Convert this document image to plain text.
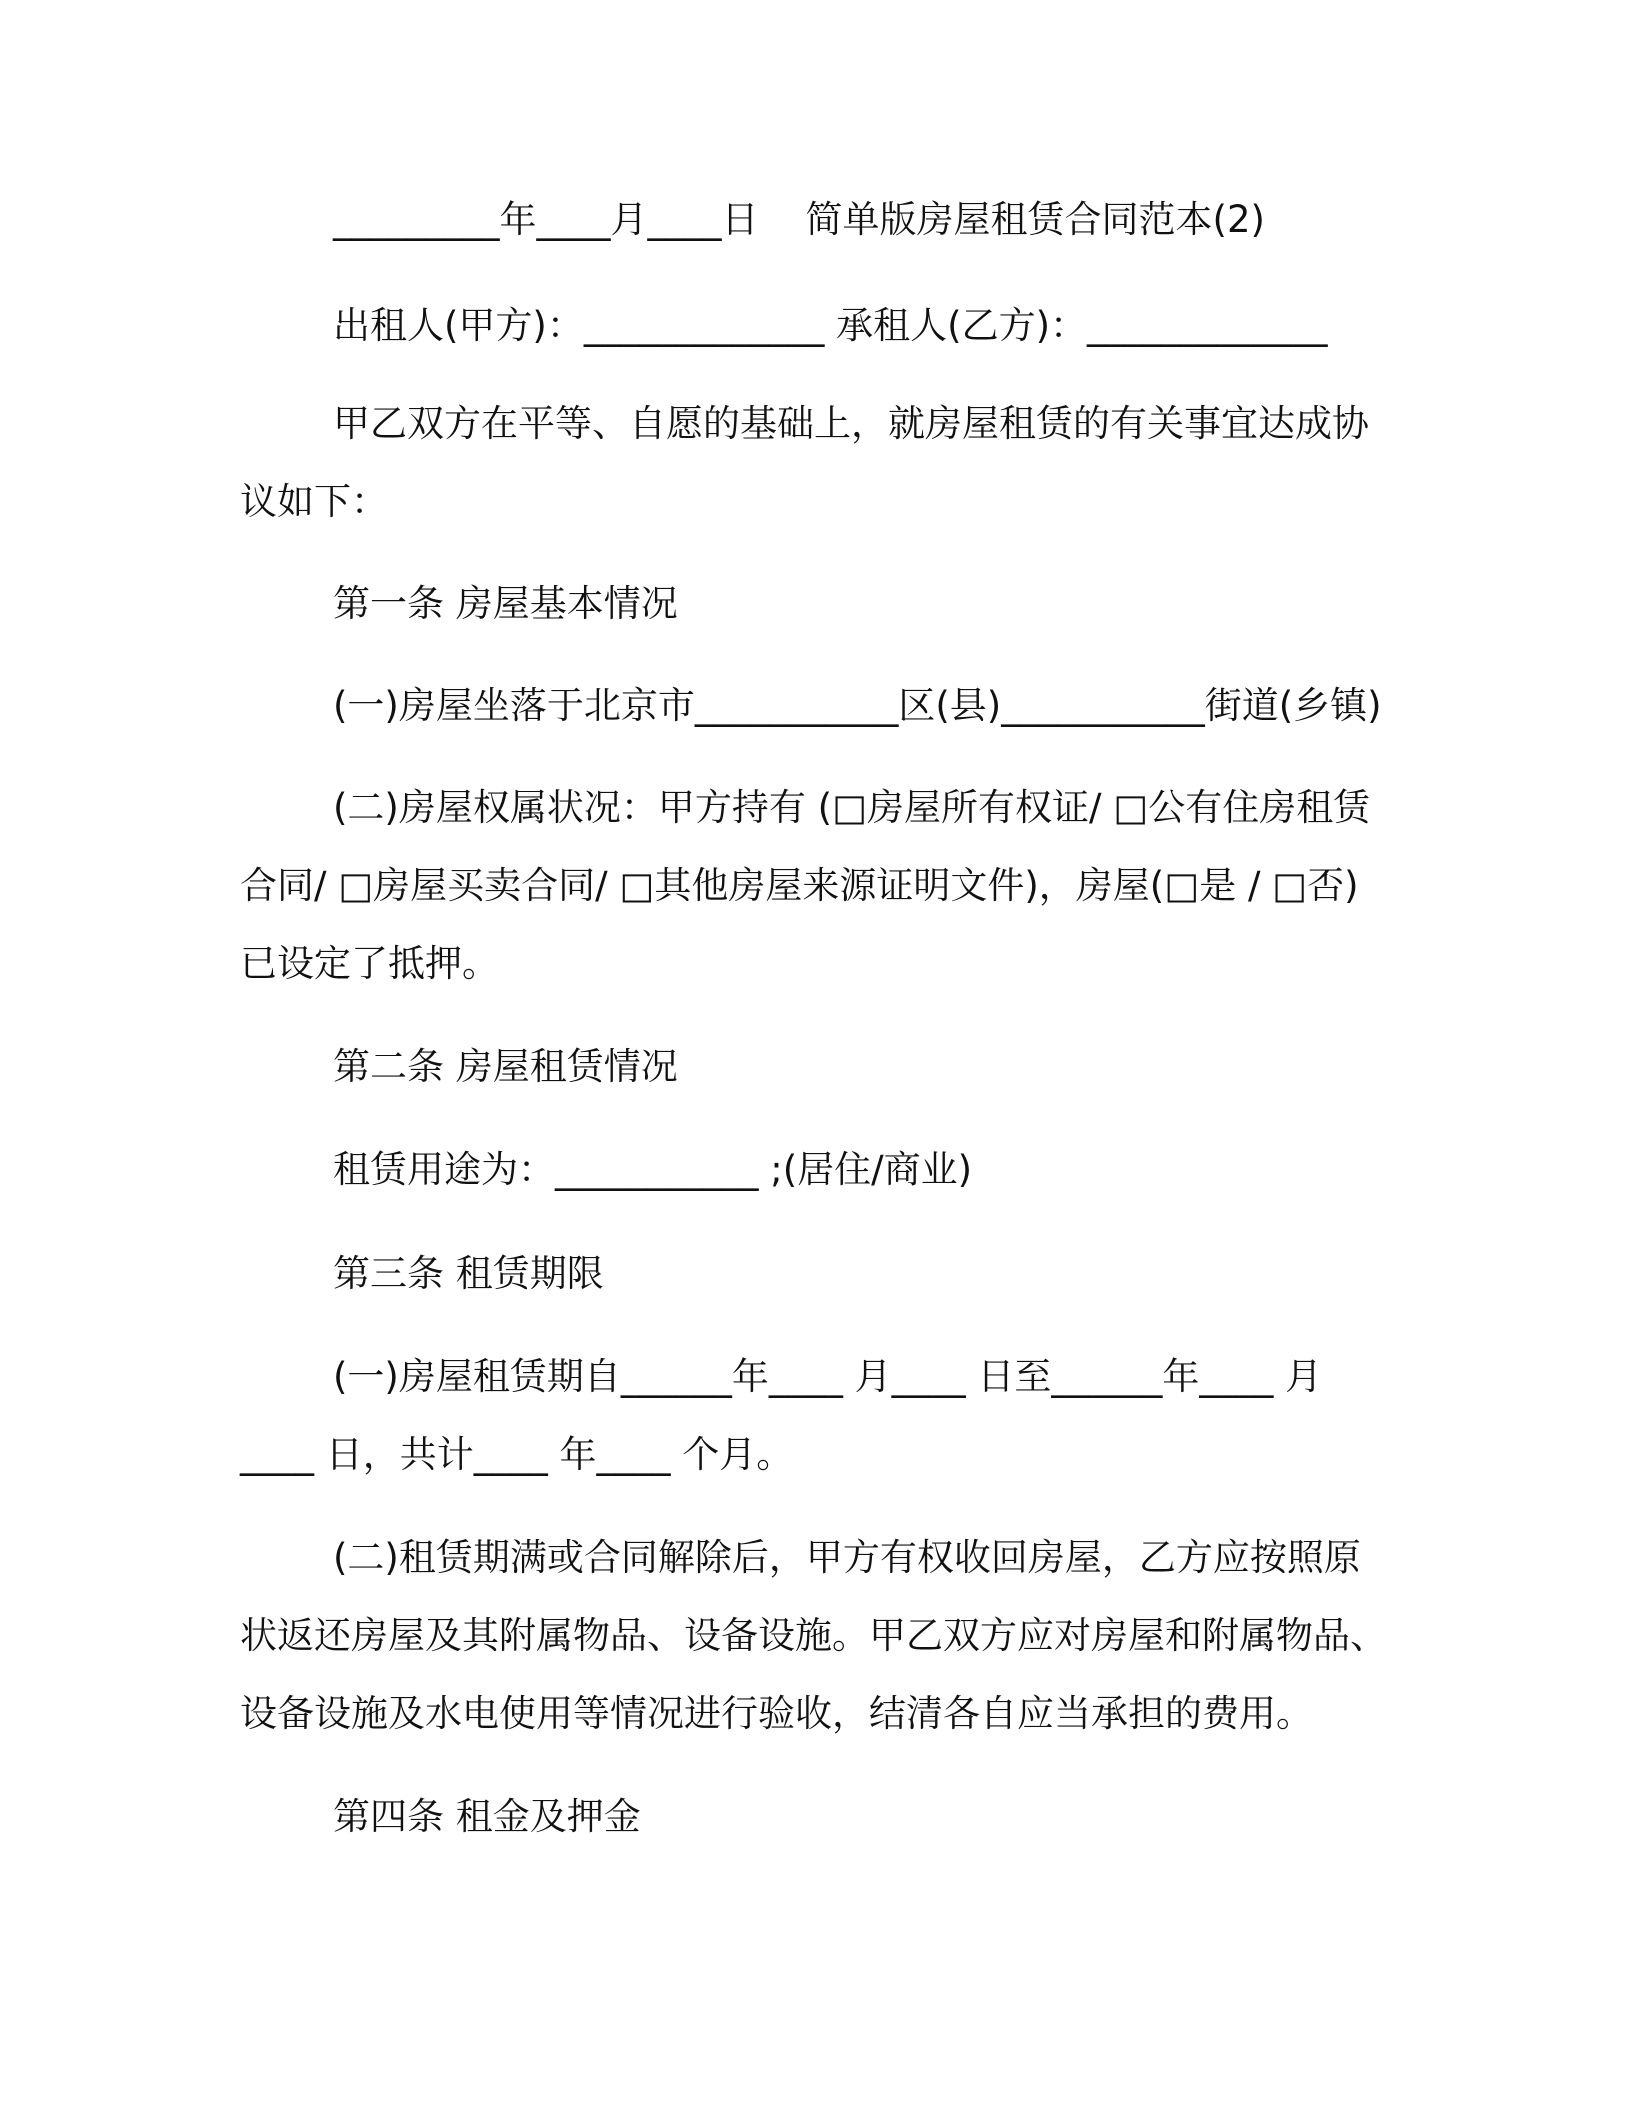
_________年____月____日    简单版房屋租赁合同范本(2)

出租人(甲方)：_____________ 承租人(乙方)：_____________

甲乙双方在平等、自愿的基础上，就房屋租赁的有关事宜达成协

议如下：

第一条 房屋基本情况

(一)房屋坐落于北京市___________区(县)___________街道(乡镇)

(二)房屋权属状况：甲方持有 (□房屋所有权证/ □公有住房租赁

合同/ □房屋买卖合同/ □其他房屋来源证明文件)，房屋(□是 / □否)

已设定了抵押。

第二条 房屋租赁情况

租赁用途为：___________ ;(居住/商业)

第三条 租赁期限

(一)房屋租赁期自______年____ 月____ 日至______年____ 月

____ 日，共计____ 年____ 个月。

(二)租赁期满或合同解除后，甲方有权收回房屋，乙方应按照原

状返还房屋及其附属物品、设备设施。甲乙双方应对房屋和附属物品、

设备设施及水电使用等情况进行验收，结清各自应当承担的费用。

第四条 租金及押金
